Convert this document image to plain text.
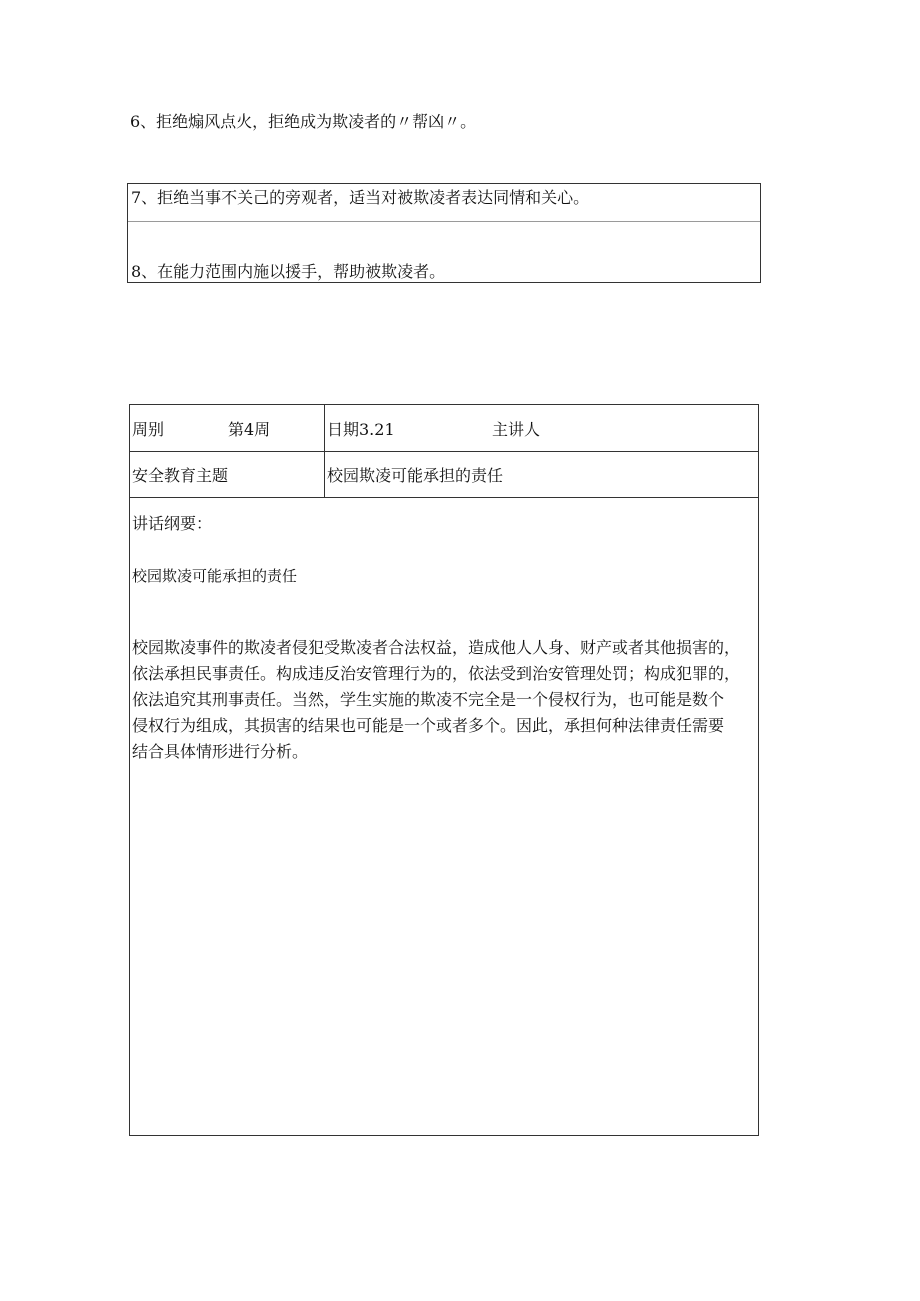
6、拒绝煽风点火，拒绝成为欺凌者的〃帮凶〃。
7、拒绝当事不关己的旁观者，适当对被欺凌者表达同情和关心。
8、在能力范围内施以援手，帮助被欺凌者。
周别	第4周	日期3.21	主讲人
安全教育主题	校园欺凌可能承担的责任
讲话纲要：
校园欺凌可能承担的责任
校园欺凌事件的欺凌者侵犯受欺凌者合法权益，造成他人人身、财产或者其他损害的，
依法承担民事责任。构成违反治安管理行为的，依法受到治安管理处罚；构成犯罪的，
依法追究其刑事责任。当然，学生实施的欺凌不完全是一个侵权行为，也可能是数个
侵权行为组成，其损害的结果也可能是一个或者多个。因此，承担何种法律责任需要
结合具体情形进行分析。
